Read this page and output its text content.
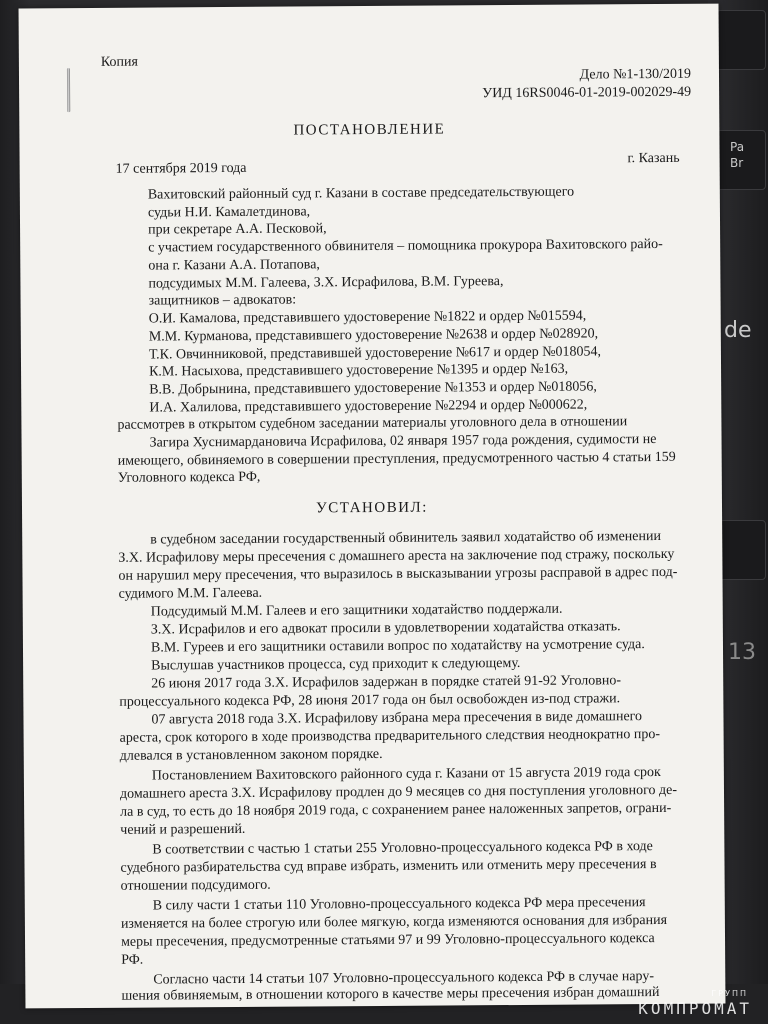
Pa
Br
de
13
Копия
Дело №1-130/2019
УИД 16RS0046-01-2019-002029-49
ПОСТАНОВЛЕНИЕ
17 сентября 2019 года
г. Казань
Вахитовский районный суд г. Казани в составе председательствующего
судьи Н.И. Камалетдинова,
при секретаре А.А. Песковой,
с участием государственного обвинителя – помощника прокурора Вахитовского райо-
она г. Казани А.А. Потапова,
подсудимых М.М. Галеева, З.Х. Исрафилова, В.М. Гуреева,
защитников – адвокатов:
О.И. Камалова, представившего удостоверение №1822 и ордер №015594,
М.М. Курманова, представившего удостоверение №2638 и ордер №028920,
Т.К. Овчинниковой, представившей удостоверение №617 и ордер №018054,
К.М. Насыхова, представившего удостоверение №1395 и ордер №163,
В.В. Добрынина, представившего удостоверение №1353 и ордер №018056,
И.А. Халилова, представившего удостоверение №2294 и ордер №000622,
рассмотрев в открытом судебном заседании материалы уголовного дела в отношении
Загира Хуснимардановича Исрафилова, 02 января 1957 года рождения, судимости не
имеющего, обвиняемого в совершении преступления, предусмотренного частью 4 статьи 159
Уголовного кодекса РФ,
УСТАНОВИЛ:
в судебном заседании государственный обвинитель заявил ходатайство об изменении
З.Х. Исрафилову меры пресечения с домашнего ареста на заключение под стражу, поскольку
он нарушил меру пресечения, что выразилось в высказывании угрозы расправой в адрес под-
судимого М.М. Галеева.
Подсудимый М.М. Галеев и его защитники ходатайство поддержали.
З.Х. Исрафилов и его адвокат просили в удовлетворении ходатайства отказать.
В.М. Гуреев и его защитники оставили вопрос по ходатайству на усмотрение суда.
Выслушав участников процесса, суд приходит к следующему.
26 июня 2017 года З.Х. Исрафилов задержан в порядке статей 91-92 Уголовно-
процессуального кодекса РФ, 28 июня 2017 года он был освобожден из-под стражи.
07 августа 2018 года З.Х. Исрафилову избрана мера пресечения в виде домашнего
ареста, срок которого в ходе производства предварительного следствия неоднократно про-
длевался в установленном законом порядке.
Постановлением Вахитовского районного суда г. Казани от 15 августа 2019 года срок
домашнего ареста З.Х. Исрафилову продлен до 9 месяцев со дня поступления уголовного де-
ла в суд, то есть до 18 ноября 2019 года, с сохранением ранее наложенных запретов, ограни-
чений и разрешений.
В соответствии с частью 1 статьи 255 Уголовно-процессуального кодекса РФ в ходе
судебного разбирательства суд вправе избрать, изменить или отменить меру пресечения в
отношении подсудимого.
В силу части 1 статьи 110 Уголовно-процессуального кодекса РФ мера пресечения
изменяется на более строгую или более мягкую, когда изменяются основания для избрания
меры пресечения, предусмотренные статьями 97 и 99 Уголовно-процессуального кодекса
РФ.
Согласно части 14 статьи 107 Уголовно-процессуального кодекса РФ в случае нару-
шения обвиняемым, в отношении которого в качестве меры пресечения избран домашний	ГРУПП
КОМПРОМАТ
